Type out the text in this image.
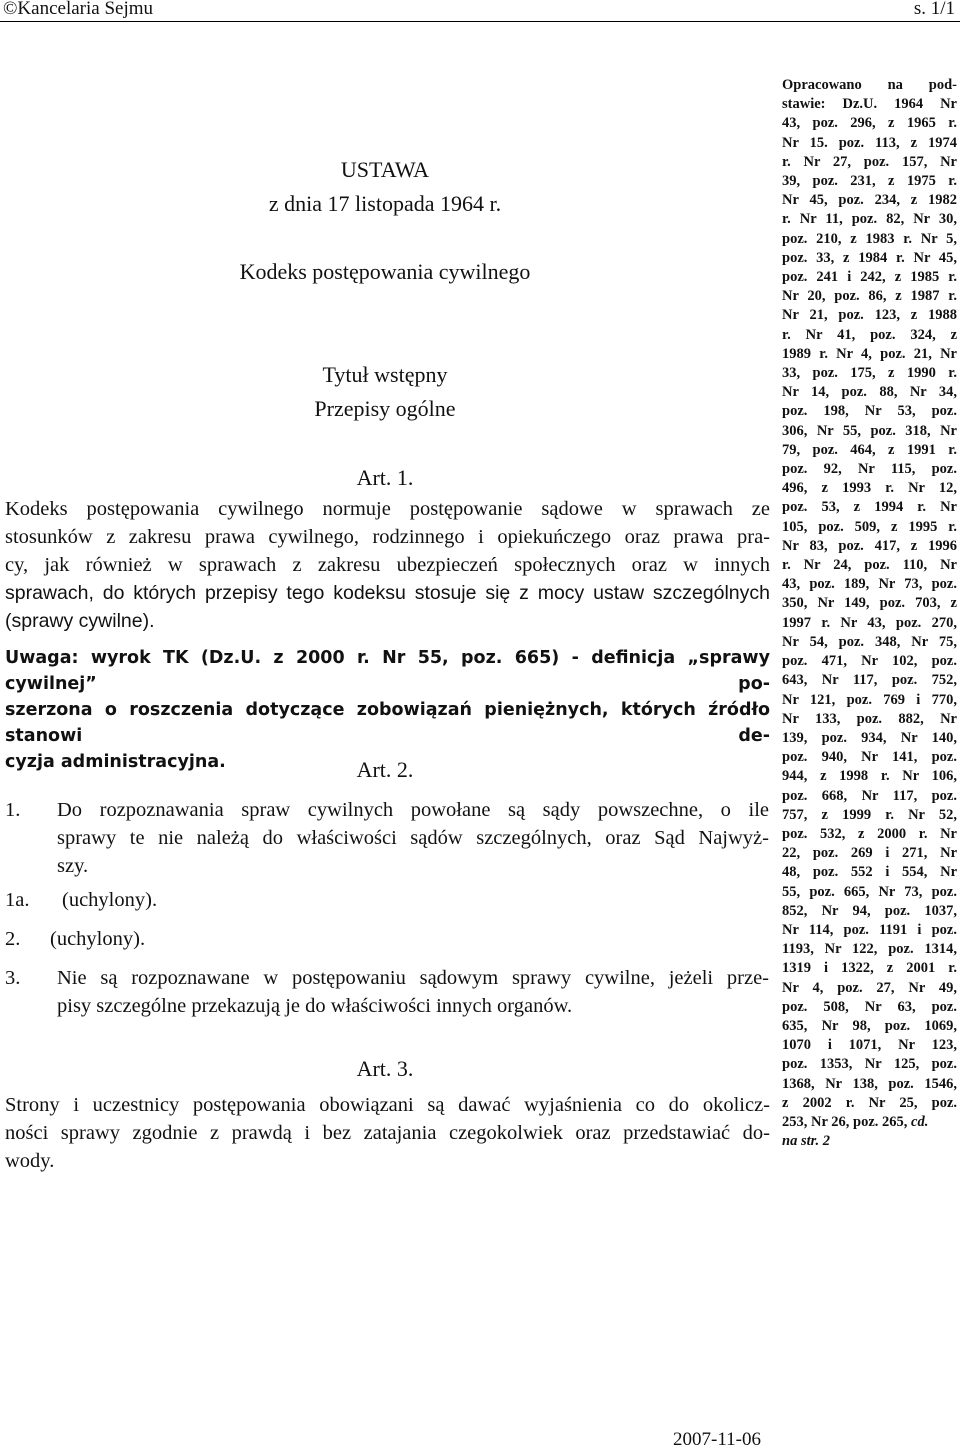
©Kancelaria Sejmu	s. 1/1
USTAWA
z dnia 17 listopada 1964 r.
Kodeks postępowania cywilnego
Tytuł wstępny
Przepisy ogólne
Art. 1.
Kodeks postępowania cywilnego normuje postępowanie sądowe w sprawach ze
stosunków z zakresu prawa cywilnego, rodzinnego i opiekuńczego oraz prawa pra-
cy, jak również w sprawach z zakresu ubezpieczeń społecznych oraz w innych
sprawach, do których przepisy tego kodeksu stosuje się z mocy ustaw szczególnych
(sprawy cywilne).
Uwaga: wyrok TK (Dz.U. z 2000 r. Nr 55, poz. 665) - definicja „sprawy cywilnej” po-
szerzona o roszczenia dotyczące zobowiązań pieniężnych, których źródło stanowi de-
cyzja administracyjna.	Art. 2.
1. Do rozpoznawania spraw cywilnych powołane są sądy powszechne, o ile
sprawy te nie należą do właściwości sądów szczególnych, oraz Sąd Najwyż-
szy.
1a. (uchylony).
2. (uchylony).
3. Nie są rozpoznawane w postępowaniu sądowym sprawy cywilne, jeżeli prze-
pisy szczególne przekazują je do właściwości innych organów.
Art. 3.
Strony i uczestnicy postępowania obowiązani są dawać wyjaśnienia co do okolicz-
ności sprawy zgodnie z prawdą i bez zatajania czegokolwiek oraz przedstawiać do-
wody.
Opracowano na pod-
stawie: Dz.U. 1964 Nr
43, poz. 296, z 1965 r.
Nr 15. poz. 113, z 1974
r. Nr 27, poz. 157, Nr
39, poz. 231, z 1975 r.
Nr 45, poz. 234, z 1982
r. Nr 11, poz. 82, Nr 30,
poz. 210, z 1983 r. Nr 5,
poz. 33, z 1984 r. Nr 45,
poz. 241 i 242, z 1985 r.
Nr 20, poz. 86, z 1987 r.
Nr 21, poz. 123, z 1988
r. Nr 41, poz. 324, z
1989 r. Nr 4, poz. 21, Nr
33, poz. 175, z 1990 r.
Nr 14, poz. 88, Nr 34,
poz. 198, Nr 53, poz.
306, Nr 55, poz. 318, Nr
79, poz. 464, z 1991 r.
poz. 92, Nr 115, poz.
496, z 1993 r. Nr 12,
poz. 53, z 1994 r. Nr
105, poz. 509, z 1995 r.
Nr 83, poz. 417, z 1996
r. Nr 24, poz. 110, Nr
43, poz. 189, Nr 73, poz.
350, Nr 149, poz. 703, z
1997 r. Nr 43, poz. 270,
Nr 54, poz. 348, Nr 75,
poz. 471, Nr 102, poz.
643, Nr 117, poz. 752,
Nr 121, poz. 769 i 770,
Nr 133, poz. 882, Nr
139, poz. 934, Nr 140,
poz. 940, Nr 141, poz.
944, z 1998 r. Nr 106,
poz. 668, Nr 117, poz.
757, z 1999 r. Nr 52,
poz. 532, z 2000 r. Nr
22, poz. 269 i 271, Nr
48, poz. 552 i 554, Nr
55, poz. 665, Nr 73, poz.
852, Nr 94, poz. 1037,
Nr 114, poz. 1191 i poz.
1193, Nr 122, poz. 1314,
1319 i 1322, z 2001 r.
Nr 4, poz. 27, Nr 49,
poz. 508, Nr 63, poz.
635, Nr 98, poz. 1069,
1070 i 1071, Nr 123,
poz. 1353, Nr 125, poz.
1368, Nr 138, poz. 1546,
z 2002 r. Nr 25, poz.
253, Nr 26, poz. 265, cd.
na str. 2
2007-11-06
